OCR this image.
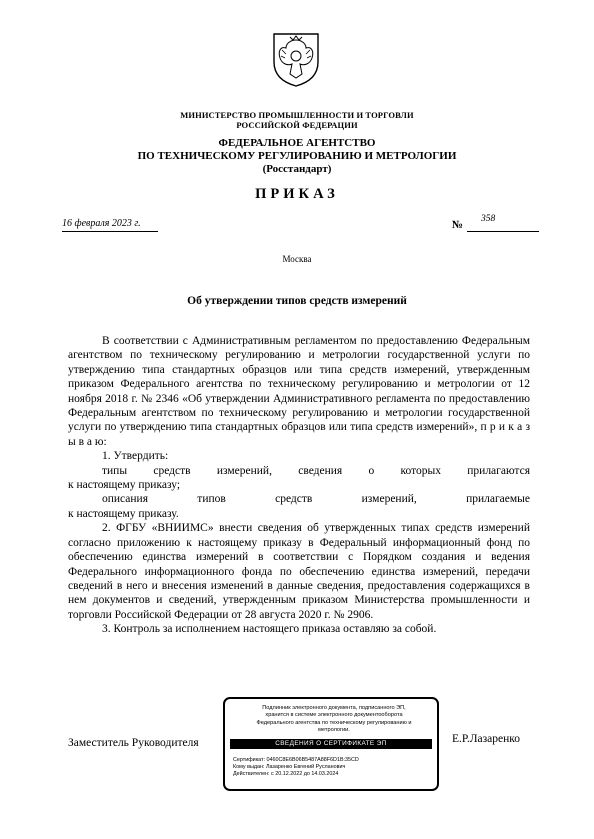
МИНИСТЕРСТВО ПРОМЫШЛЕННОСТИ И ТОРГОВЛИ
РОССИЙСКОЙ ФЕДЕРАЦИИ
ФЕДЕРАЛЬНОЕ АГЕНТСТВО
ПО ТЕХНИЧЕСКОМУ РЕГУЛИРОВАНИЮ И МЕТРОЛОГИИ
(Росстандарт)
ПРИКАЗ
16 февраля 2023 г.	№ 358
Москва
Об утверждении типов средств измерений

В соответствии с Административным регламентом по предоставлению Федеральным агентством по техническому регулированию и метрологии государственной услуги по утверждению типа стандартных образцов или типа средств измерений, утвержденным приказом Федерального агентства по техническому регулированию и метрологии от 12 ноября 2018 г. № 2346 «Об утверждении Административного регламента по предоставлению Федеральным агентством по техническому регулированию и метрологии государственной услуги по утверждению типа стандартных образцов или типа средств измерений», п р и к а з ы в а ю:

1. Утвердить:

типы средств измерений, сведения о которых прилагаются

к настоящему приказу;

описания типов средств измерений, прилагаемые

к настоящему приказу.

2. ФГБУ «ВНИИМС» внести сведения об утвержденных типах средств измерений согласно приложению к настоящему приказу в Федеральный информационный фонд по обеспечению единства измерений в соответствии с Порядком создания и ведения Федерального информационного фонда по обеспечению единства измерений, передачи сведений в него и внесения изменений в данные сведения, предоставления содержащихся в нем документов и сведений, утвержденным приказом Министерства промышленности и торговли Российской Федерации от 28 августа 2020 г. № 2906.

3. Контроль за исполнением настоящего приказа оставляю за собой.

Заместитель Руководителя	Е.Р.Лазаренко
Подлинник электронного документа, подписанного ЭП,
хранится в системе электронного документооборота
Федерального агентства по техническому регулированию и
метрологии.
СВЕДЕНИЯ О СЕРТИФИКАТЕ ЭП
Сертификат: 0460C8E6B06B5487A88F6D1B:35CD
Кому выдан: Лазаренко Евгений Русланович
Действителен: с 20.12.2022 до 14.03.2024
